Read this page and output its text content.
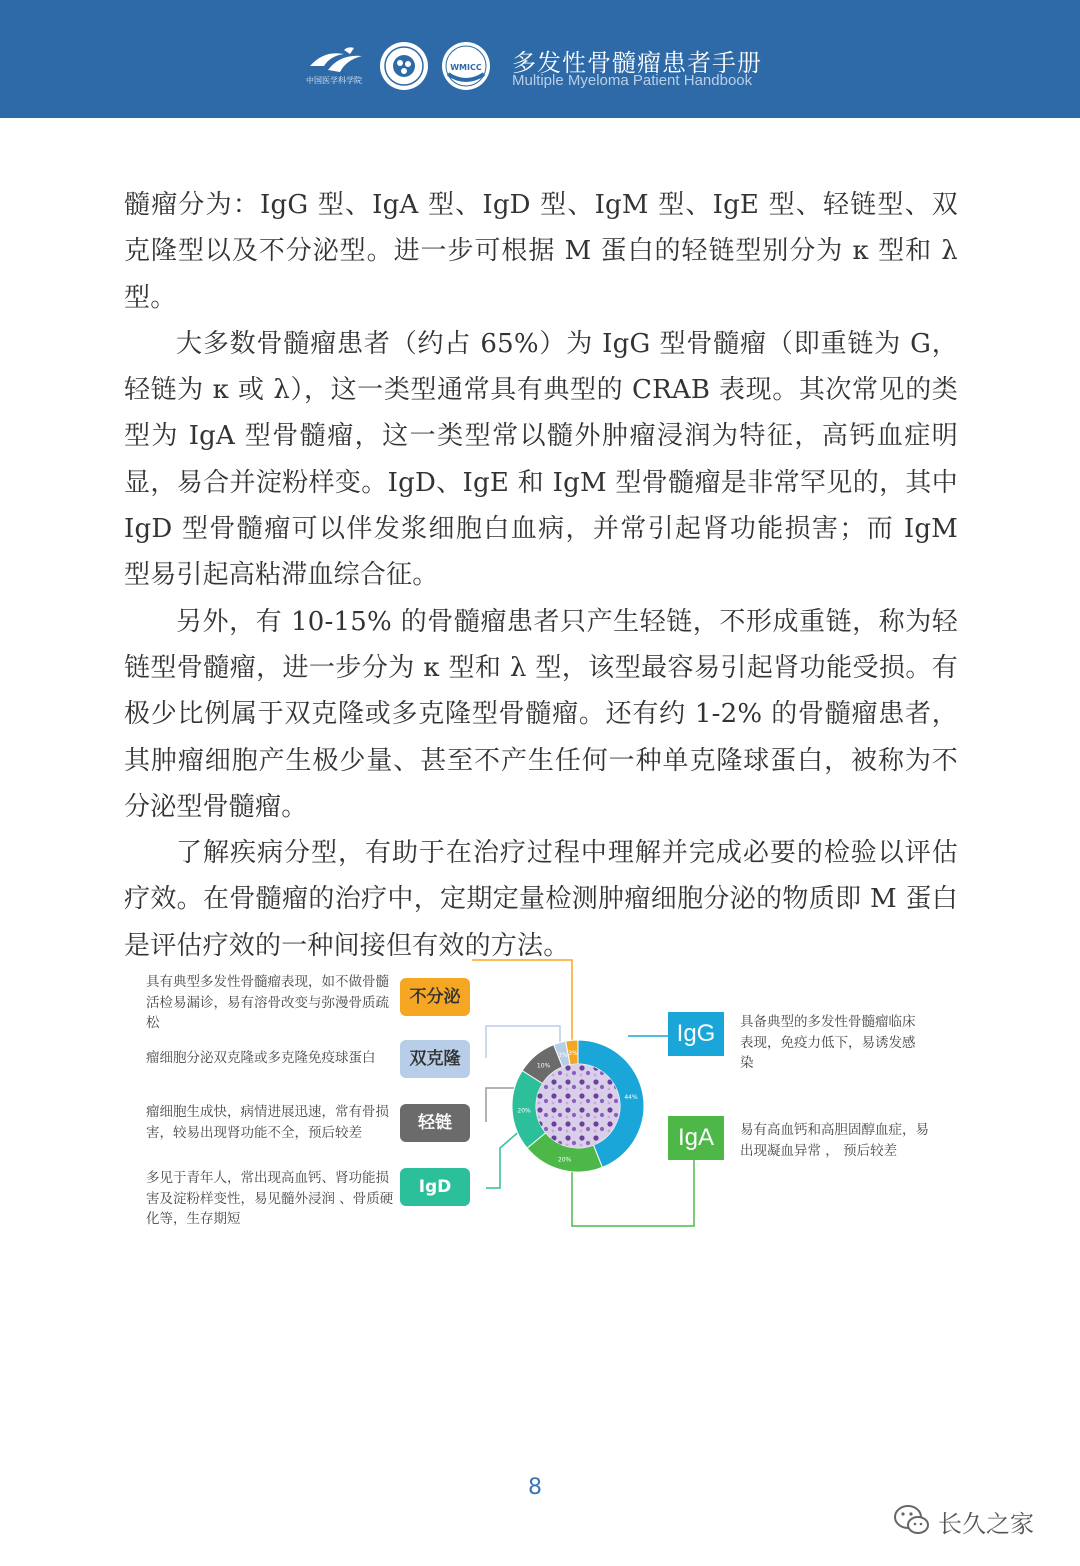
中国医学科学院
WMICC 多发性骨髓瘤患者手册
Multiple Myeloma Patient Handbook

髓瘤分为：IgG 型、IgA 型、IgD 型、IgM 型、IgE 型、轻链型、双克隆型以及不分泌型。进一步可根据 M 蛋白的轻链型别分为 κ 型和 λ 型。

大多数骨髓瘤患者（约占 65%）为 IgG 型骨髓瘤（即重链为 G，轻链为 κ 或 λ），这一类型通常具有典型的 CRAB 表现。其次常见的类型为 IgA 型骨髓瘤，这一类型常以髓外肿瘤浸润为特征，高钙血症明显，易合并淀粉样变。IgD、IgE 和 IgM 型骨髓瘤是非常罕见的，其中 IgD 型骨髓瘤可以伴发浆细胞白血病，并常引起肾功能损害；而 IgM 型易引起高粘滞血综合征。

另外，有 10-15% 的骨髓瘤患者只产生轻链，不形成重链，称为轻链型骨髓瘤，进一步分为 κ 型和 λ 型，该型最容易引起肾功能受损。有极少比例属于双克隆或多克隆型骨髓瘤。还有约 1-2% 的骨髓瘤患者，其肿瘤细胞产生极少量、甚至不产生任何一种单克隆球蛋白，被称为不分泌型骨髓瘤。

了解疾病分型，有助于在治疗过程中理解并完成必要的检验以评估疗效。在骨髓瘤的治疗中，定期定量检测肿瘤细胞分泌的物质即 M 蛋白是评估疗效的一种间接但有效的方法。

44%
20%
20%
10%
3% 3%
具有典型多发性骨髓瘤表现，如不做骨髓活检易漏诊，易有溶骨改变与弥漫骨质疏松
不分泌
瘤细胞分泌双克隆或多克隆免疫球蛋白	双克隆
瘤细胞生成快，病情进展迅速，常有骨损害，较易出现肾功能不全，预后较差	轻链
多见于青年人，常出现高血钙、肾功能损害及淀粉样变性，易见髓外浸润 、骨质硬化等，生存期短
IgD
IgG	具备典型的多发性骨髓瘤临床表现，免疫力低下，易诱发感染
IgA	易有高血钙和高胆固醇血症，易出现凝血异常 ， 预后较差
8
长久之家
